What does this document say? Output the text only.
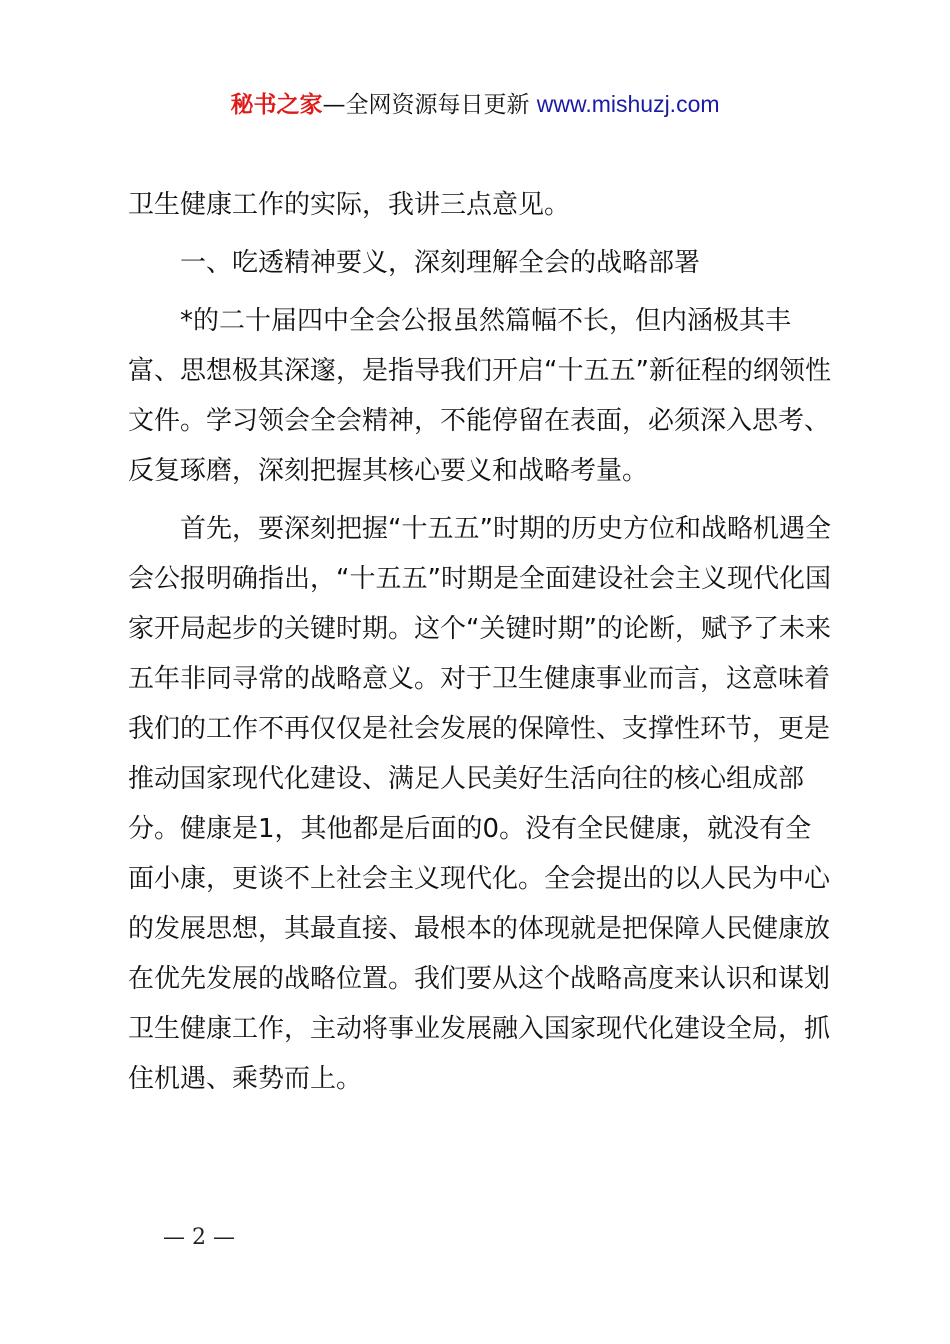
秘书之家—全网资源每日更新 www.mishuzj.com

卫生健康工作的实际，我讲三点意见。

一、吃透精神要义，深刻理解全会的战略部署

*的二十届四中全会公报虽然篇幅不长，但内涵极其丰富、思想极其深邃，是指导我们开启“十五五”新征程的纲领性文件。学习领会全会精神，不能停留在表面，必须深入思考、反复琢磨，深刻把握其核心要义和战略考量。

首先，要深刻把握“十五五”时期的历史方位和战略机遇全会公报明确指出，“十五五”时期是全面建设社会主义现代化国家开局起步的关键时期。这个“关键时期”的论断，赋予了未来五年非同寻常的战略意义。对于卫生健康事业而言，这意味着我们的工作不再仅仅是社会发展的保障性、支撑性环节，更是推动国家现代化建设、满足人民美好生活向往的核心组成部分。健康是1，其他都是后面的0。没有全民健康，就没有全面小康，更谈不上社会主义现代化。全会提出的以人民为中心的发展思想，其最直接、最根本的体现就是把保障人民健康放在优先发展的战略位置。我们要从这个战略高度来认识和谋划卫生健康工作，主动将事业发展融入国家现代化建设全局，抓住机遇、乘势而上。

— 2 —
